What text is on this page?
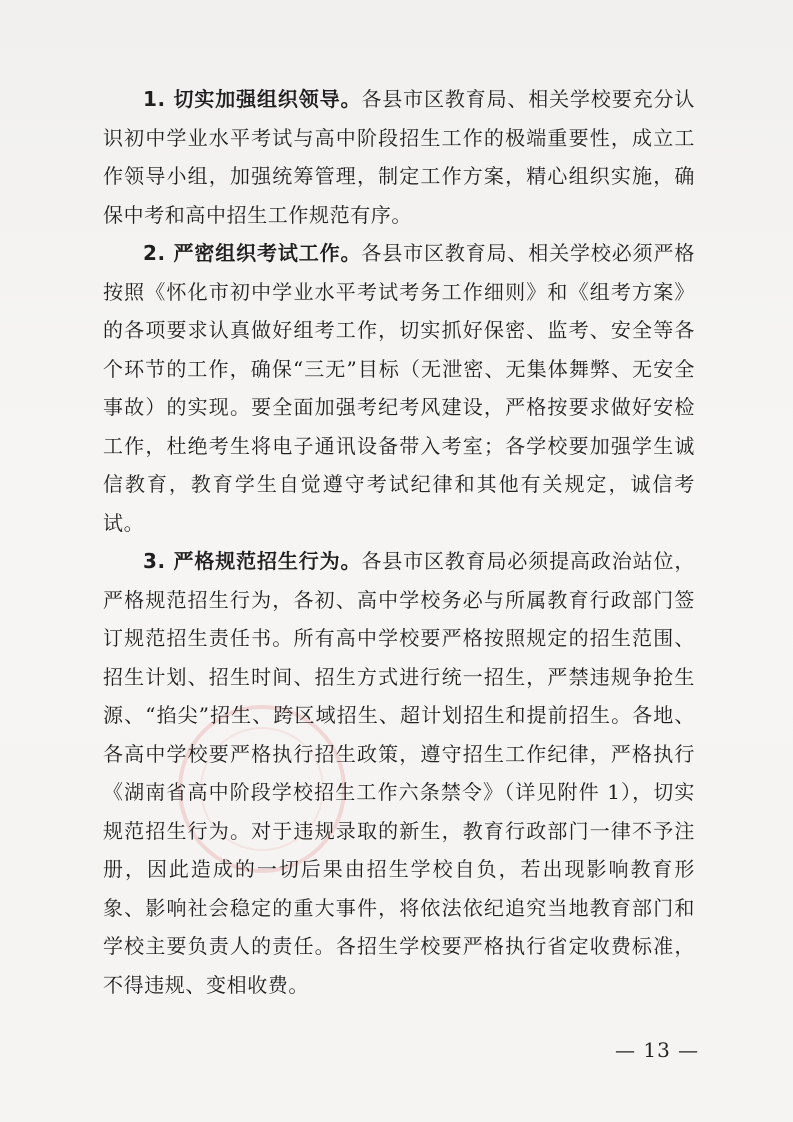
1. 切实加强组织领导。各县市区教育局、相关学校要充分认识初中学业水平考试与高中阶段招生工作的极端重要性，成立工作领导小组，加强统筹管理，制定工作方案，精心组织实施，确保中考和高中招生工作规范有序。

2. 严密组织考试工作。各县市区教育局、相关学校必须严格按照《怀化市初中学业水平考试考务工作细则》和《组考方案》的各项要求认真做好组考工作，切实抓好保密、监考、安全等各个环节的工作，确保“三无”目标（无泄密、无集体舞弊、无安全事故）的实现。要全面加强考纪考风建设，严格按要求做好安检工作，杜绝考生将电子通讯设备带入考室；各学校要加强学生诚信教育，教育学生自觉遵守考试纪律和其他有关规定，诚信考试。

3. 严格规范招生行为。各县市区教育局必须提高政治站位，严格规范招生行为，各初、高中学校务必与所属教育行政部门签订规范招生责任书。所有高中学校要严格按照规定的招生范围、招生计划、招生时间、招生方式进行统一招生，严禁违规争抢生源、“掐尖”招生、跨区域招生、超计划招生和提前招生。各地、各高中学校要严格执行招生政策，遵守招生工作纪律，严格执行《湖南省高中阶段学校招生工作六条禁令》（详见附件 1），切实规范招生行为。对于违规录取的新生，教育行政部门一律不予注册，因此造成的一切后果由招生学校自负，若出现影响教育形象、影响社会稳定的重大事件，将依法依纪追究当地教育部门和学校主要负责人的责任。各招生学校要严格执行省定收费标准，不得违规、变相收费。

— 13 —
